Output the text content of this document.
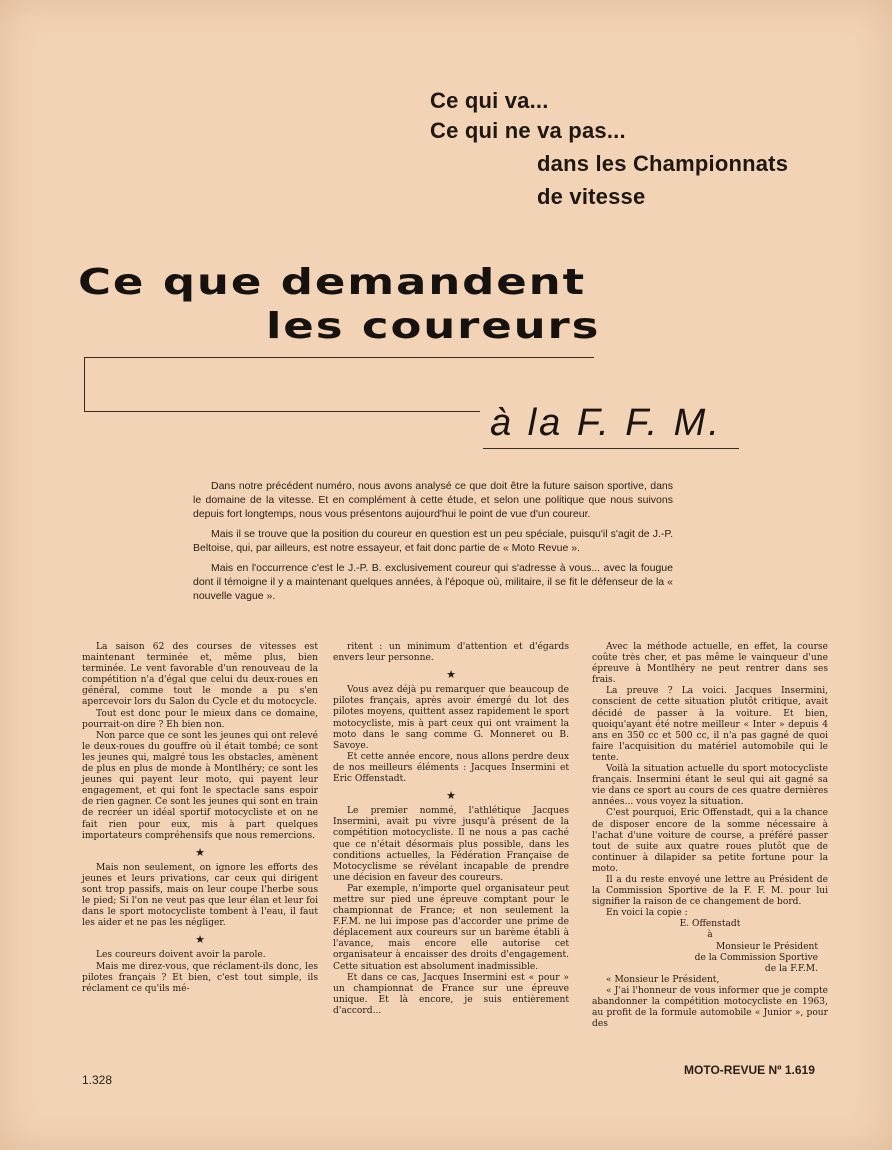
Ce qui va...
Ce qui ne va pas...
dans les Championnats
de vitesse
Ce que demandent
les coureurs
à la F. F. M.

Dans notre précédent numéro, nous avons analysé ce que doit être la future saison sportive, dans le domaine de la vitesse. Et en complément à cette étude, et selon une politique que nous suivons depuis fort longtemps, nous vous présentons aujourd'hui le point de vue d'un coureur.

Mais il se trouve que la position du coureur en question est un peu spéciale, puisqu'il s'agit de J.-P. Beltoise, qui, par ailleurs, est notre essayeur, et fait donc partie de « Moto Revue ».

Mais en l'occurrence c'est le J.-P. B. exclusivement coureur qui s'adresse à vous... avec la fougue dont il témoigne il y a maintenant quelques années, à l'époque où, militaire, il se fit le défenseur de la « nouvelle vague ».

La saison 62 des courses de vitesses est maintenant terminée et, même plus, bien terminée. Le vent favorable d'un renouveau de la compétition n'a d'égal que celui du deux-roues en général, comme tout le monde a pu s'en apercevoir lors du Salon du Cycle et du motocycle.

Tout est donc pour le mieux dans ce domaine, pourrait-on dire ? Eh bien non.

Non parce que ce sont les jeunes qui ont relevé le deux-roues du gouffre où il était tombé; ce sont les jeunes qui, malgré tous les obstacles, amènent de plus en plus de monde à Montlhéry; ce sont les jeunes qui payent leur moto, qui payent leur engagement, et qui font le spectacle sans espoir de rien gagner. Ce sont les jeunes qui sont en train de recréer un idéal sportif motocycliste et on ne fait rien pour eux, mis à part quelques importateurs compréhensifs que nous remercions.

★

Mais non seulement, on ignore les efforts des jeunes et leurs privations, car ceux qui dirigent sont trop passifs, mais on leur coupe l'herbe sous le pied; Si l'on ne veut pas que leur élan et leur foi dans le sport motocycliste tombent à l'eau, il faut les aider et ne pas les négliger.

★

Les coureurs doivent avoir la parole.

Mais me direz-vous, que réclament-ils donc, les pilotes français ? Et bien, c'est tout simple, ils réclament ce qu'ils mé-

ritent : un minimum d'attention et d'égards envers leur personne.

★

Vous avez déjà pu remarquer que beaucoup de pilotes français, après avoir émergé du lot des pilotes moyens, quittent assez rapidement le sport motocycliste, mis à part ceux qui ont vraiment la moto dans le sang comme G. Monneret ou B. Savoye.

Et cette année encore, nous allons perdre deux de nos meilleurs éléments : Jacques Insermini et Eric Offenstadt.

★

Le premier nommé, l'athlétique Jacques Insermini, avait pu vivre jusqu'à présent de la compétition motocycliste. Il ne nous a pas caché que ce n'était désormais plus possible, dans les conditions actuelles, la Fédération Française de Motocyclisme se révélant incapable de prendre une décision en faveur des coureurs.

Par exemple, n'importe quel organisateur peut mettre sur pied une épreuve comptant pour le championnat de France; et non seulement la F.F.M. ne lui impose pas d'accorder une prime de déplacement aux coureurs sur un barème établi à l'avance, mais encore elle autorise cet organisateur à encaisser des droits d'engagement. Cette situation est absolument inadmissible.

Et dans ce cas, Jacques Insermini est « pour » un championnat de France sur une épreuve unique. Et là encore, je suis entièrement d'accord...

Avec la méthode actuelle, en effet, la course coûte très cher, et pas même le vainqueur d'une épreuve à Montlhéry ne peut rentrer dans ses frais.

La preuve ? La voici. Jacques Insermini, conscient de cette situation plutôt critique, avait décidé de passer à la voiture. Et bien, quoiqu'ayant été notre meilleur « Inter » depuis 4 ans en 350 cc et 500 cc, il n'a pas gagné de quoi faire l'acquisition du matériel automobile qui le tente.

Voilà la situation actuelle du sport motocycliste français. Insermini étant le seul qui ait gagné sa vie dans ce sport au cours de ces quatre dernières années... vous voyez la situation.

C'est pourquoi, Eric Offenstadt, qui a la chance de disposer encore de la somme nécessaire à l'achat d'une voiture de course, a préféré passer tout de suite aux quatre roues plutôt que de continuer à dilapider sa petite fortune pour la moto.

Il a du reste envoyé une lettre au Président de la Commission Sportive de la F. F. M. pour lui signifier la raison de ce changement de bord.

En voici la copie :

E. Offenstadt

à

Monsieur le Président

de la Commission Sportive

de la F.F.M.

« Monsieur le Président,

« J'ai l'honneur de vous informer que je compte abandonner la compétition motocycliste en 1963, au profit de la formule automobile « Junior », pour des

1.328
MOTO-REVUE Nº 1.619
